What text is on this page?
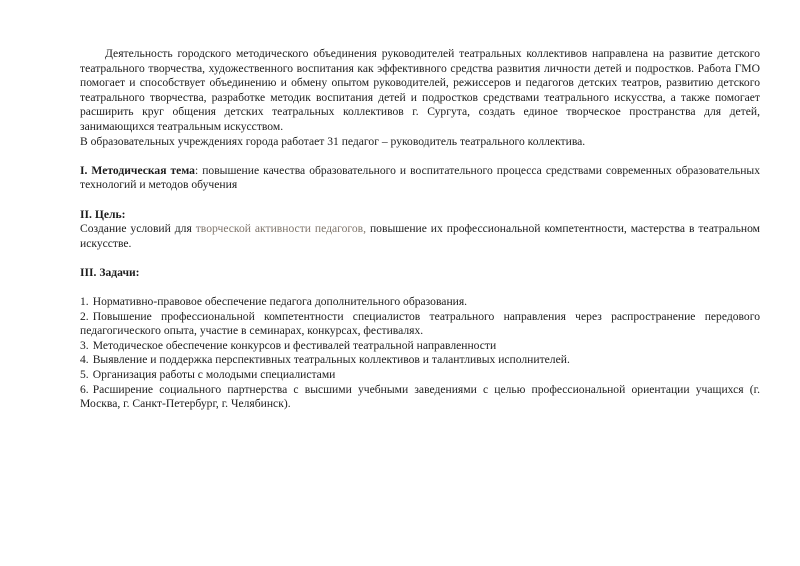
Деятельность городского методического объединения руководителей театральных коллективов направлена на развитие детского театрального творчества, художественного воспитания как эффективного средства развития личности детей и подростков. Работа ГМО помогает и способствует объединению и обмену опытом руководителей, режиссеров и педагогов детских театров, развитию детского театрального творчества, разработке методик воспитания детей и подростков средствами театрального искусства, а также помогает расширить круг общения детских театральных коллективов г. Сургута, создать единое творческое пространства для детей, занимающихся театральным искусством.

В образовательных учреждениях города работает 31 педагог – руководитель театрального коллектива.

I. Методическая тема: повышение качества образовательного и воспитательного процесса средствами современных образовательных технологий и методов обучения

II. Цель:

Создание условий для творческой активности педагогов, повышение их профессиональной компетентности, мастерства в театральном искусстве.

III. Задачи:

1. Нормативно-правовое обеспечение педагога дополнительного образования.

2. Повышение профессиональной компетентности специалистов театрального направления через распространение передового педагогического опыта, участие в семинарах, конкурсах, фестивалях.

3. Методическое обеспечение конкурсов и фестивалей театральной направленности

4. Выявление и поддержка перспективных театральных коллективов и талантливых исполнителей.

5. Организация работы с молодыми специалистами

6. Расширение социального партнерства с высшими учебными заведениями с целью профессиональной ориентации учащихся (г. Москва, г. Санкт-Петербург, г. Челябинск).
